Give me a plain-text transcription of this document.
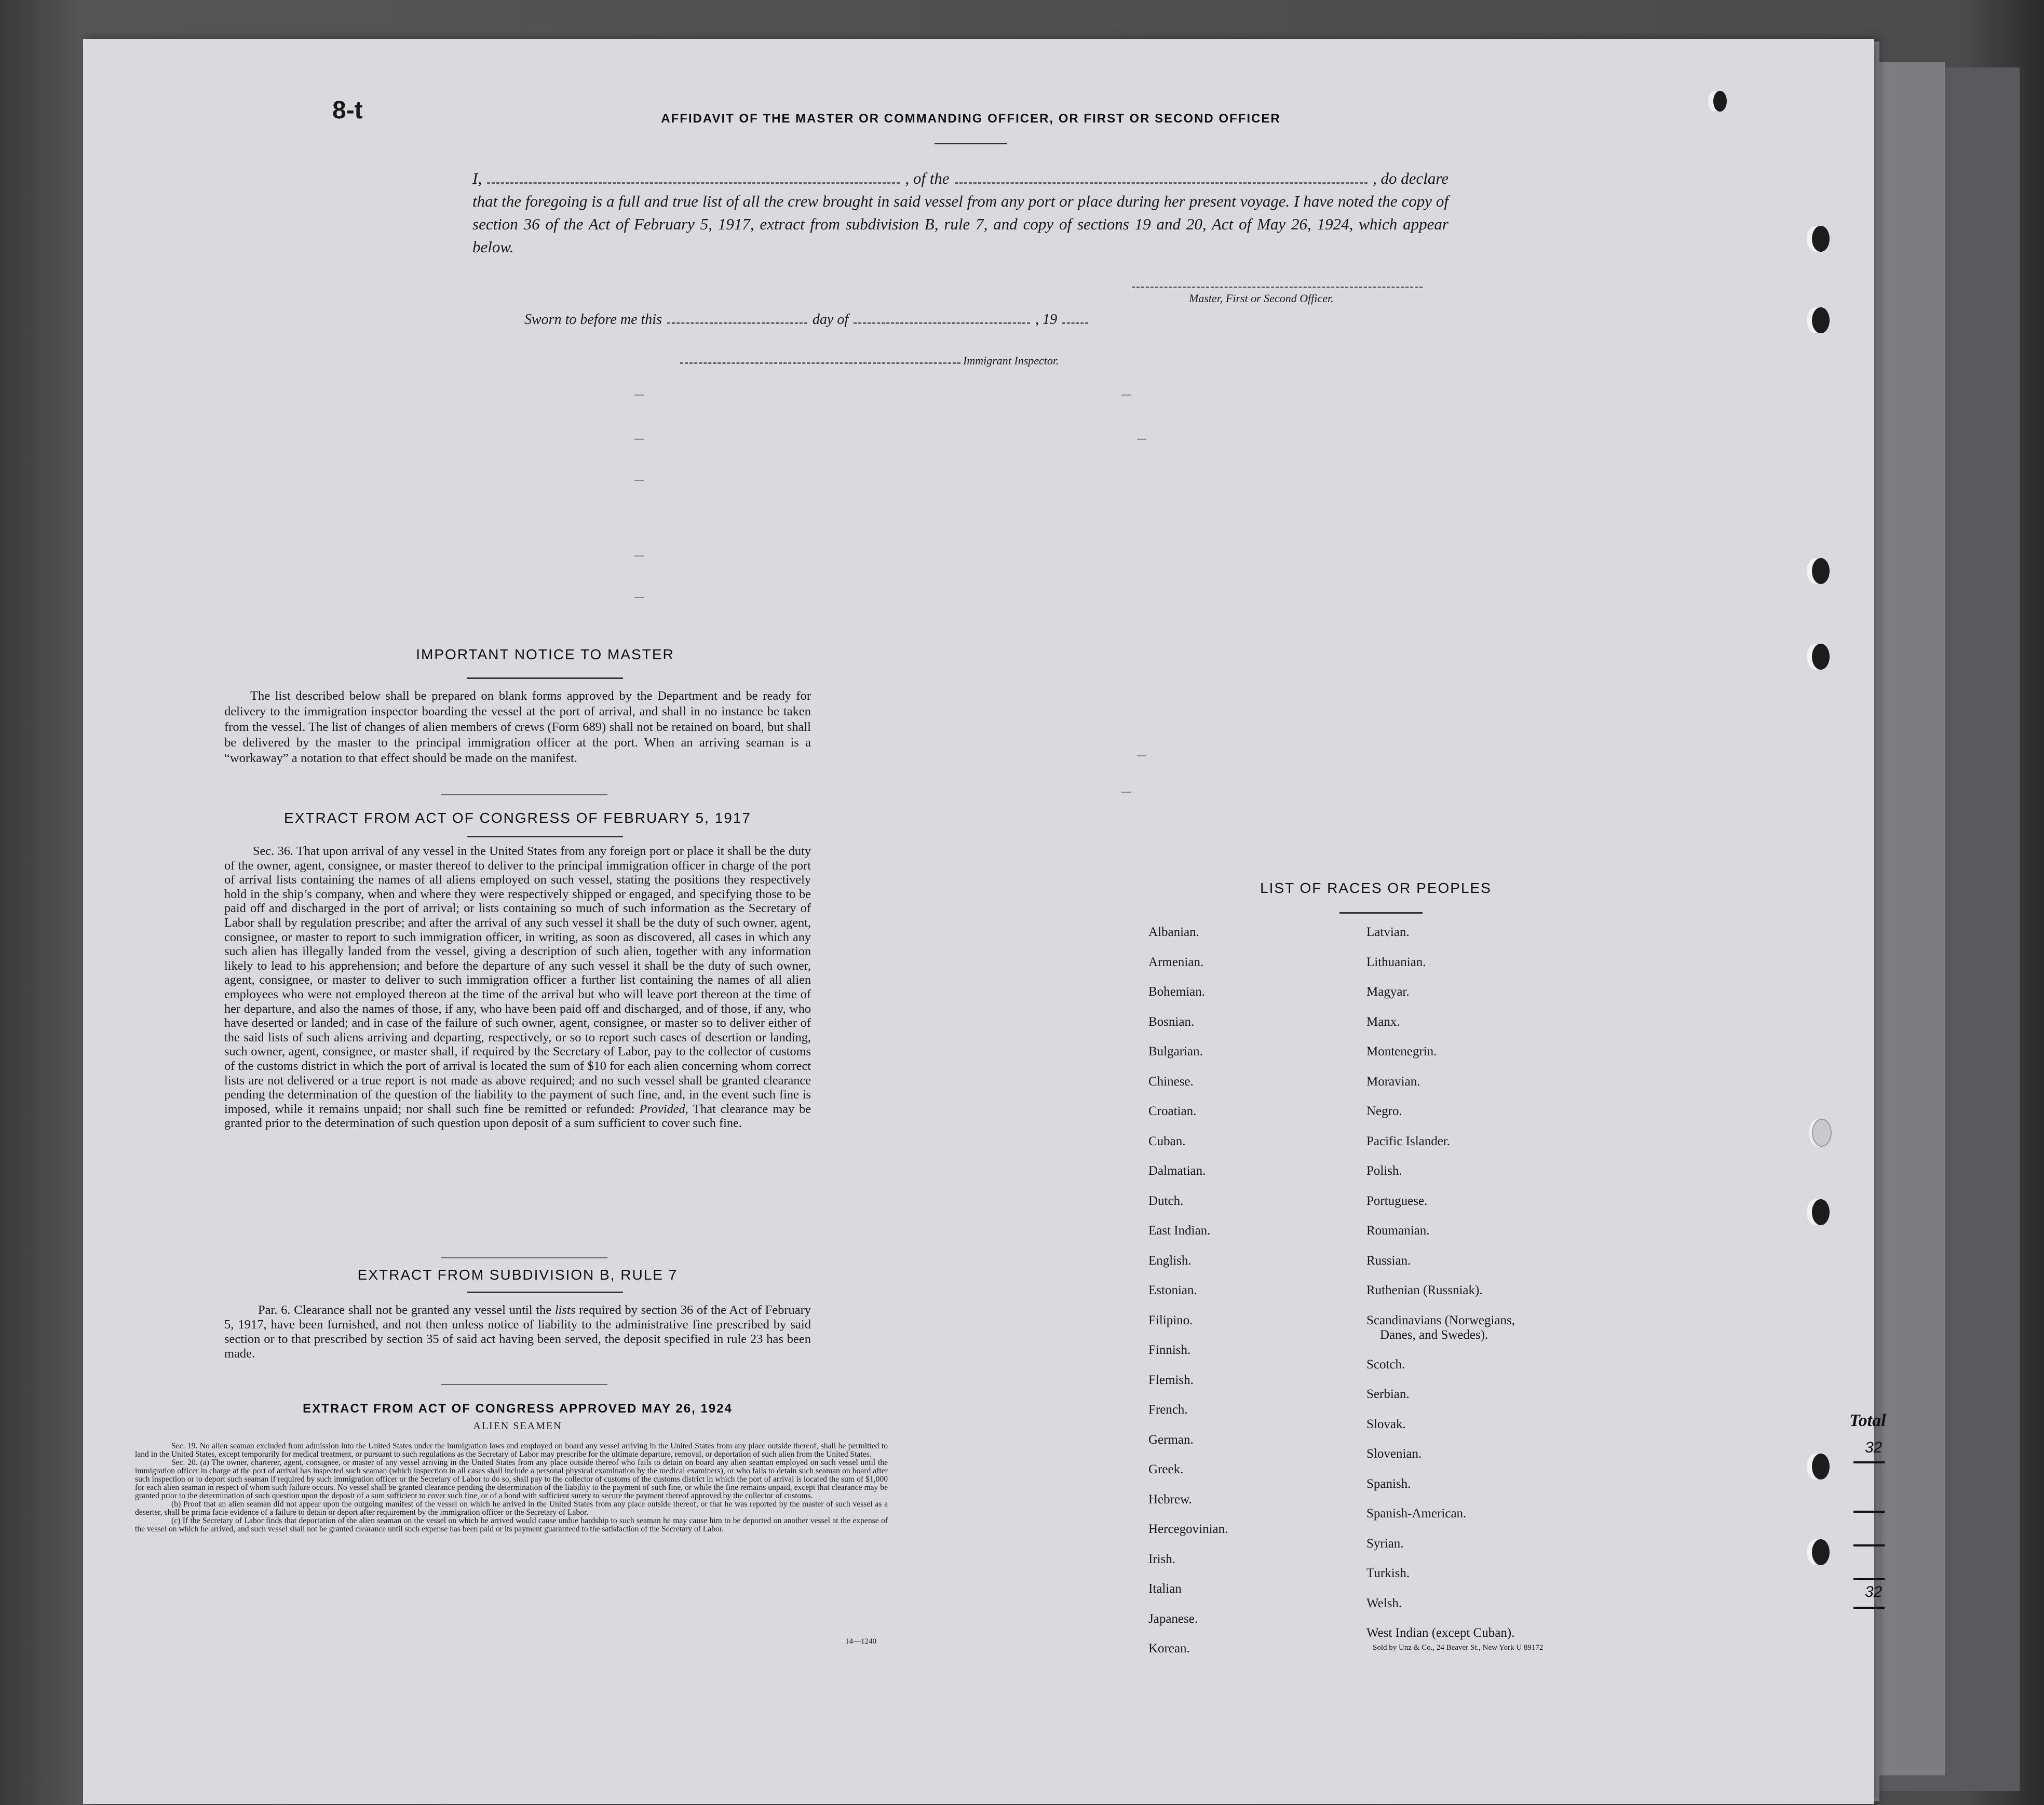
8-t	AFFIDAVIT OF THE MASTER OR COMMANDING OFFICER, OR FIRST OR SECOND OFFICER
I,	, of the	, do declare
that the foregoing is a full and true list of all the crew brought in said vessel from any port or place during her present voyage. I have noted the copy of section 36 of the Act of February 5, 1917, extract from subdivision B, rule 7, and copy of sections 19 and 20, Act of May 26, 1924, which appear below.
Master, First or Second Officer.
Sworn to before me this	day of	, 19
Immigrant Inspector.
IMPORTANT NOTICE TO MASTER

The list described below shall be prepared on blank forms approved by the Department and be ready for delivery to the immigration inspector boarding the vessel at the port of arrival, and shall in no instance be taken from the vessel. The list of changes of alien members of crews (Form 689) shall not be retained on board, but shall be delivered by the master to the principal immigration officer at the port. When an arriving seaman is a “workaway” a notation to that effect should be made on the manifest.

EXTRACT FROM ACT OF CONGRESS OF FEBRUARY 5, 1917

Sec. 36. That upon arrival of any vessel in the United States from any foreign port or place it shall be the duty of the owner, agent, consignee, or master thereof to deliver to the principal immigration officer in charge of the port of arrival lists containing the names of all aliens employed on such vessel, stating the positions they respectively hold in the ship’s company, when and where they were respectively shipped or engaged, and specifying those to be paid off and discharged in the port of arrival; or lists containing so much of such information as the Secretary of Labor shall by regulation prescribe; and after the arrival of any such vessel it shall be the duty of such owner, agent, consignee, or master to report to such immigration officer, in writing, as soon as discovered, all cases in which any such alien has illegally landed from the vessel, giving a description of such alien, together with any information likely to lead to his apprehension; and before the departure of any such vessel it shall be the duty of such owner, agent, consignee, or master to deliver to such immigration officer a further list containing the names of all alien employees who were not employed thereon at the time of the arrival but who will leave port thereon at the time of her departure, and also the names of those, if any, who have been paid off and discharged, and of those, if any, who have deserted or landed; and in case of the failure of such owner, agent, consignee, or master so to deliver either of the said lists of such aliens arriving and departing, respectively, or so to report such cases of desertion or landing, such owner, agent, consignee, or master shall, if required by the Secretary of Labor, pay to the collector of customs of the customs district in which the port of arrival is located the sum of $10 for each alien concerning whom correct lists are not delivered or a true report is not made as above required; and no such vessel shall be granted clearance pending the determination of the question of the liability to the payment of such fine, and, in the event such fine is imposed, while it remains unpaid; nor shall such fine be remitted or refunded: Provided, That clearance may be granted prior to the determination of such question upon deposit of a sum sufficient to cover such fine.

EXTRACT FROM SUBDIVISION B, RULE 7

Par. 6. Clearance shall not be granted any vessel until the lists required by section 36 of the Act of February 5, 1917, have been furnished, and not then unless notice of liability to the administrative fine prescribed by said section or to that prescribed by section 35 of said act having been served, the deposit specified in rule 23 has been made.

EXTRACT FROM ACT OF CONGRESS APPROVED MAY 26, 1924
ALIEN SEAMEN

Sec. 19. No alien seaman excluded from admission into the United States under the immigration laws and employed on board any vessel arriving in the United States from any place outside thereof, shall be permitted to land in the United States, except temporarily for medical treatment, or pursuant to such regulations as the Secretary of Labor may prescribe for the ultimate departure, removal, or deportation of such alien from the United States.

Sec. 20. (a) The owner, charterer, agent, consignee, or master of any vessel arriving in the United States from any place outside thereof who fails to detain on board any alien seaman employed on such vessel until the immigration officer in charge at the port of arrival has inspected such seaman (which inspection in all cases shall include a personal physical examination by the medical examiners), or who fails to detain such seaman on board after such inspection or to deport such seaman if required by such immigration officer or the Secretary of Labor to do so, shall pay to the collector of customs of the customs district in which the port of arrival is located the sum of $1,000 for each alien seaman in respect of whom such failure occurs. No vessel shall be granted clearance pending the determination of the liability to the payment of such fine, or while the fine remains unpaid, except that clearance may be granted prior to the determination of such question upon the deposit of a sum sufficient to cover such fine, or of a bond with sufficient surety to secure the payment thereof approved by the collector of customs.

(b) Proof that an alien seaman did not appear upon the outgoing manifest of the vessel on which he arrived in the United States from any place outside thereof, or that he was reported by the master of such vessel as a deserter, shall be prima facie evidence of a failure to detain or deport after requirement by the immigration officer or the Secretary of Labor.

(c) If the Secretary of Labor finds that deportation of the alien seaman on the vessel on which he arrived would cause undue hardship to such seaman he may cause him to be deported on another vessel at the expense of the vessel on which he arrived, and such vessel shall not be granted clearance until such expense has been paid or its payment guaranteed to the satisfaction of the Secretary of Labor.

14—1240
LIST OF RACES OR PEOPLES
Albanian.
Armenian.
Bohemian.
Bosnian.
Bulgarian.
Chinese.
Croatian.
Cuban.
Dalmatian.
Dutch.
East Indian.
English.
Estonian.
Filipino.
Finnish.
Flemish.
French.
German.
Greek.
Hebrew.
Hercegovinian.
Irish.
Italian
Japanese.
Korean.
Latvian.
Lithuanian.
Magyar.
Manx.
Montenegrin.
Moravian.
Negro.
Pacific Islander.
Polish.
Portuguese.
Roumanian.
Russian.
Ruthenian (Russniak).
Scandinavians (Norwegians,
Danes, and Swedes).
Scotch.
Serbian.
Slovak.
Slovenian.
Spanish.
Spanish-American.
Syrian.
Turkish.
Welsh.
West Indian (except Cuban).
Sold by Unz & Co., 24 Beaver St., New York U 89172
Total
32
32
